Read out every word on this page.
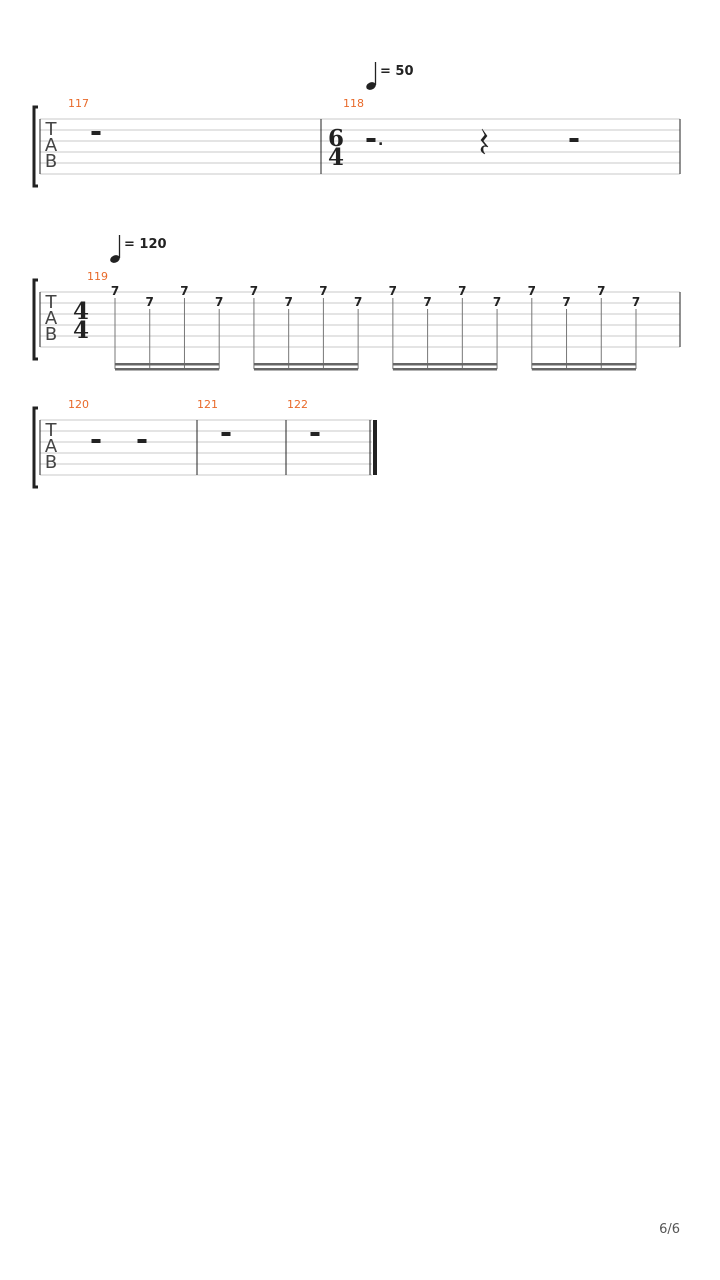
T
A
B
= 50
117	118
6
4
.
T
A
B
= 120
119
4
4
7
7
7
7
7
7
7
7
7
7
7
7
7
7
7
7
T
A
B
120	121	122
6/6
